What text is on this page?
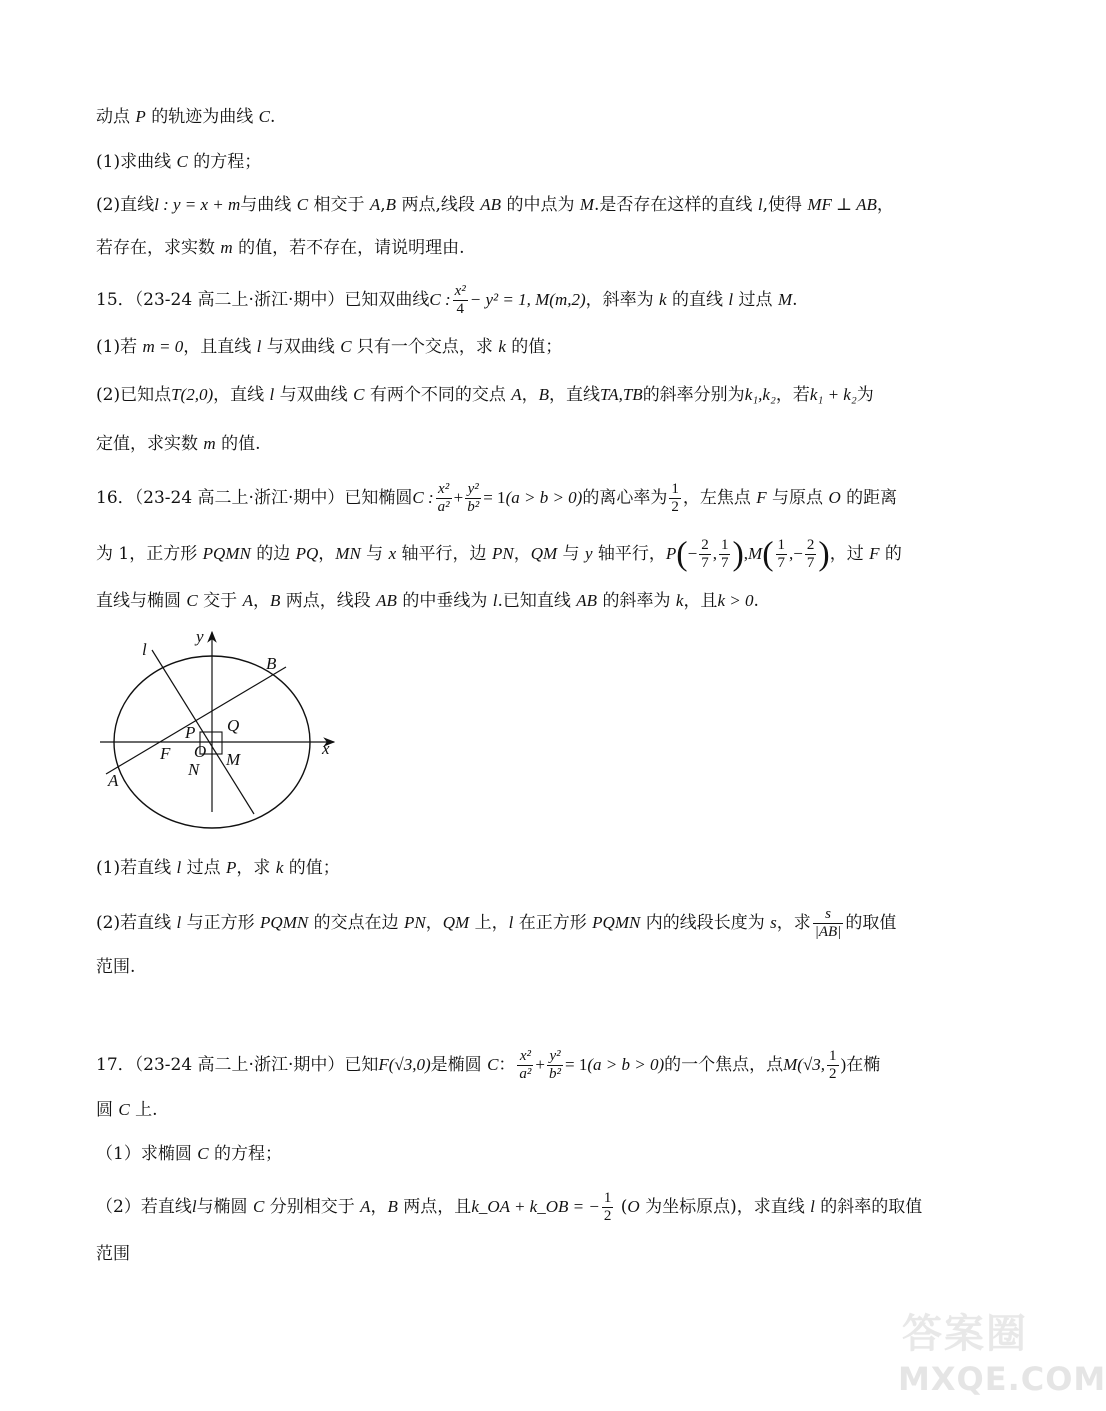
动点 P 的轨迹为曲线 C.
(1)求曲线 C 的方程；
(2)直线l : y = x + m与曲线 C 相交于 A,B 两点,线段 AB 的中点为 M.是否存在这样的直线 l,使得 MF ⊥ AB，
若存在，求实数 m 的值，若不存在，请说明理由.
15．（23-24 高二上·浙江·期中）已知双曲线C : $\frac{\text{x²}}{4} - y^2 = 1$, M(m,2)，斜率为 k 的直线 l 过点 M.
(1)若 m = 0，且直线 l 与双曲线 C 只有一个交点，求 k 的值；
(2)已知点T(2,0)，直线 l 与双曲线 C 有两个不同的交点 A，B，直线TA,TB的斜率分别为k₁,k₂，若k₁ + k₂为
定值，求实数 m 的值.
16．（23-24 高二上·浙江·期中）已知椭圆C : $\frac{\text{x²}}{\text{a²}} + \frac{\text{y²}}{\text{b²}} = 1(a > b > 0)$的离心率为 $\frac{1}{2}$ ，左焦点 F 与原点 O 的距离
为 1，正方形 PQMN 的边 PQ，MN 与 x 轴平行，边 PN，QM 与 y 轴平行，$P(- \frac{2}{7}$ , $\frac{1}{7} ),M( \frac{1}{7}$ ,− $\frac{2}{7}$ )，过 F 的
直线与椭圆 C 交于 A，B 两点，线段 AB 的中垂线为 l.已知直线 AB 的斜率为 k，且k > 0.
l
y
B
P Q
F O M
N
x
A
(1)若直线 l 过点 P，求 k 的值；
(2)若直线 l 与正方形 PQMN 的交点在边 PN，QM 上，l 在正方形 PQMN 内的线段长度为 s，求 $\frac{s}{|AB|}$ 的取值
范围.
17．（23-24 高二上·浙江·期中）已知F(√3,0)是椭圆 C： $\frac{\text{x²}}{\text{a²}} + \frac{\text{y²}}{\text{b²}} = 1(a > b > 0)$的一个焦点，点M(√3, $\frac{1}{2}$ )在椭
圆 C 上.
（1）求椭圆 C 的方程；
（2）若直线l与椭圆 C 分别相交于 A，B 两点，且k_OA + k_OB = − $\frac{1}{2} (O$ 为坐标原点)，求直线 l 的斜率的取值
范围
答案圈
MXQE.COM
